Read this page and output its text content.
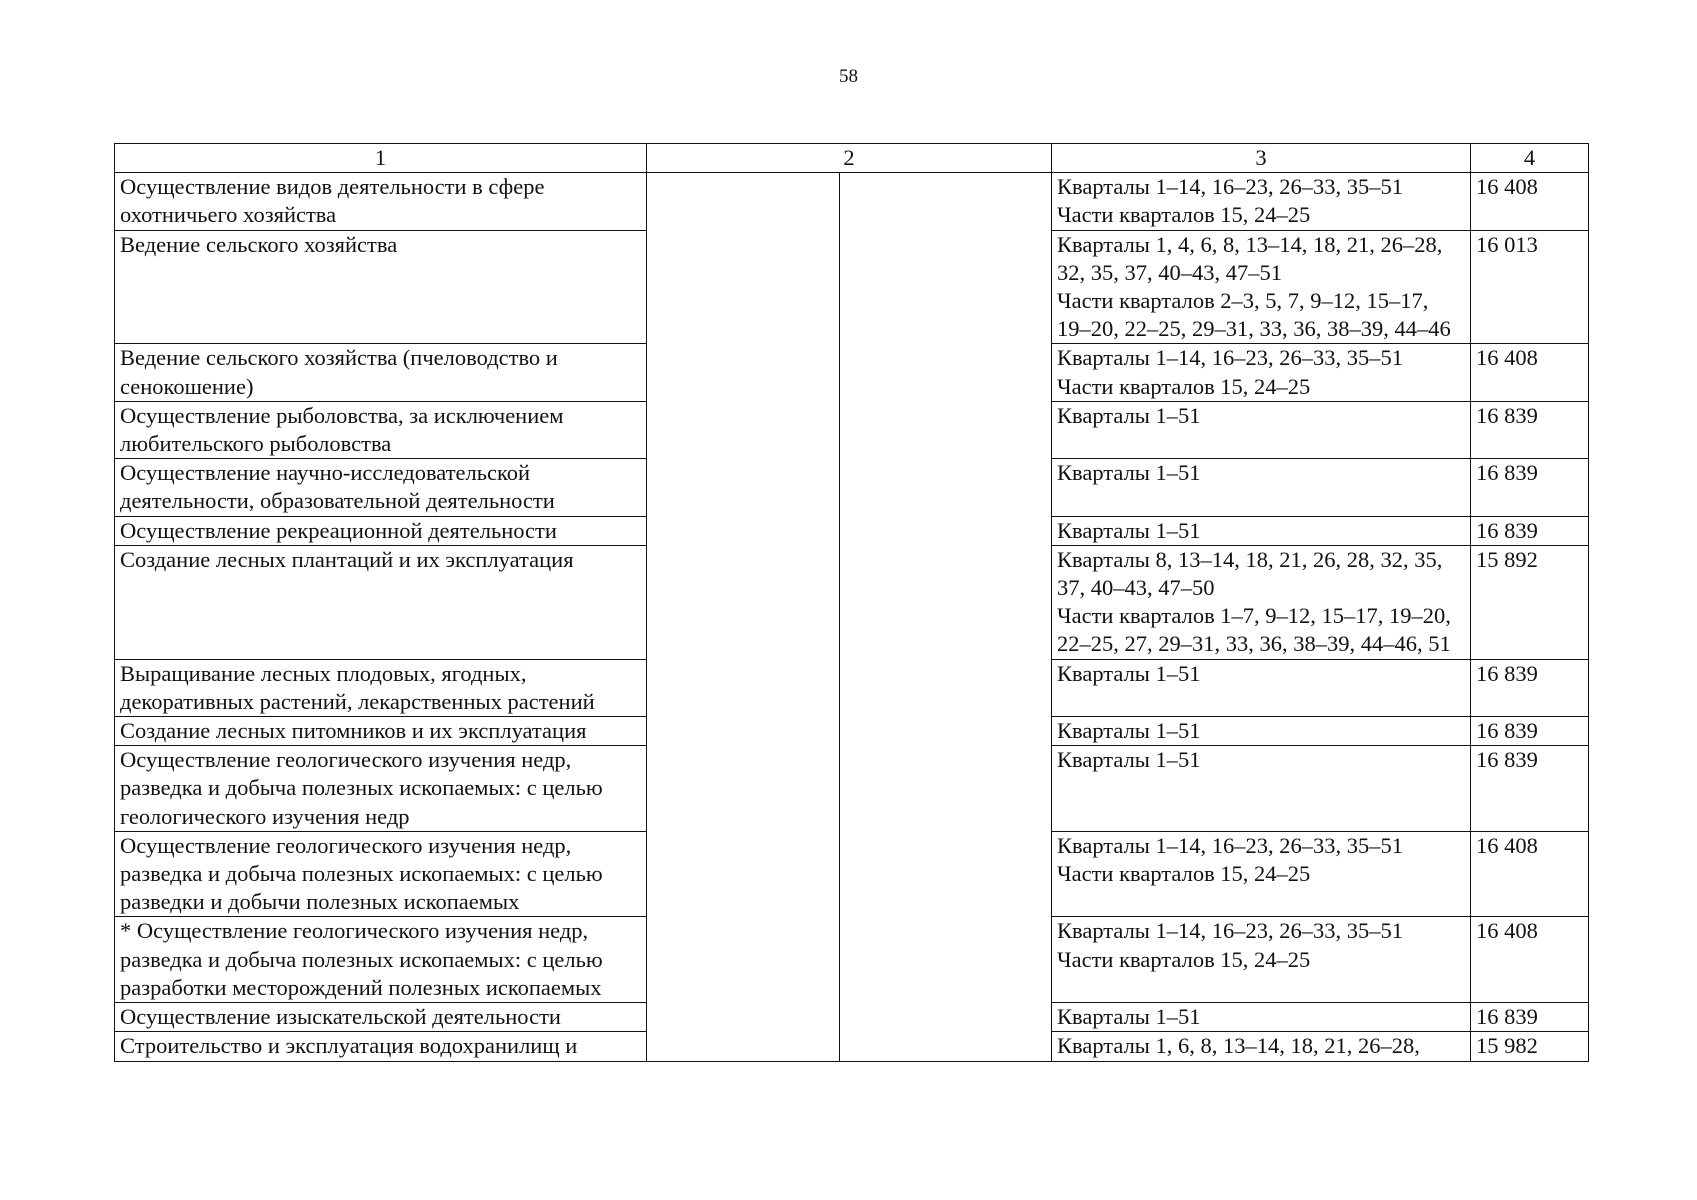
58
1	2		3	4
Осуществление видов деятельности в сфере охотничьего хозяйства			Кварталы 1–14, 16–23, 26–33, 35–51
Части кварталов 15, 24–25	16 408
Ведение сельского хозяйства			Кварталы 1, 4, 6, 8, 13–14, 18, 21, 26–28, 32, 35, 37, 40–43, 47–51
Части кварталов 2–3, 5, 7, 9–12, 15–17, 19–20, 22–25, 29–31, 33, 36, 38–39, 44–46	16 013
Ведение сельского хозяйства (пчеловодство и сенокошение)			Кварталы 1–14, 16–23, 26–33, 35–51
Части кварталов 15, 24–25	16 408
Осуществление рыболовства, за исключением любительского рыболовства			Кварталы 1–51	16 839
Осуществление научно-исследовательской деятельности, образовательной деятельности			Кварталы 1–51	16 839
Осуществление рекреационной деятельности			Кварталы 1–51	16 839
Создание лесных плантаций и их эксплуатация			Кварталы 8, 13–14, 18, 21, 26, 28, 32, 35, 37, 40–43, 47–50
Части кварталов 1–7, 9–12, 15–17, 19–20, 22–25, 27, 29–31, 33, 36, 38–39, 44–46, 51	15 892
Выращивание лесных плодовых, ягодных, декоративных растений, лекарственных растений			Кварталы 1–51	16 839
Создание лесных питомников и их эксплуатация			Кварталы 1–51	16 839
Осуществление геологического изучения недр, разведка и добыча полезных ископаемых: с целью геологического изучения недр			Кварталы 1–51	16 839
Осуществление геологического изучения недр, разведка и добыча полезных ископаемых: с целью разведки и добычи полезных ископаемых			Кварталы 1–14, 16–23, 26–33, 35–51
Части кварталов 15, 24–25	16 408
* Осуществление геологического изучения недр, разведка и добыча полезных ископаемых: с целью разработки месторождений полезных ископаемых			Кварталы 1–14, 16–23, 26–33, 35–51
Части кварталов 15, 24–25	16 408
Осуществление изыскательской деятельности			Кварталы 1–51	16 839
Строительство и эксплуатация водохранилищ и			Кварталы 1, 6, 8, 13–14, 18, 21, 26–28,	15 982
